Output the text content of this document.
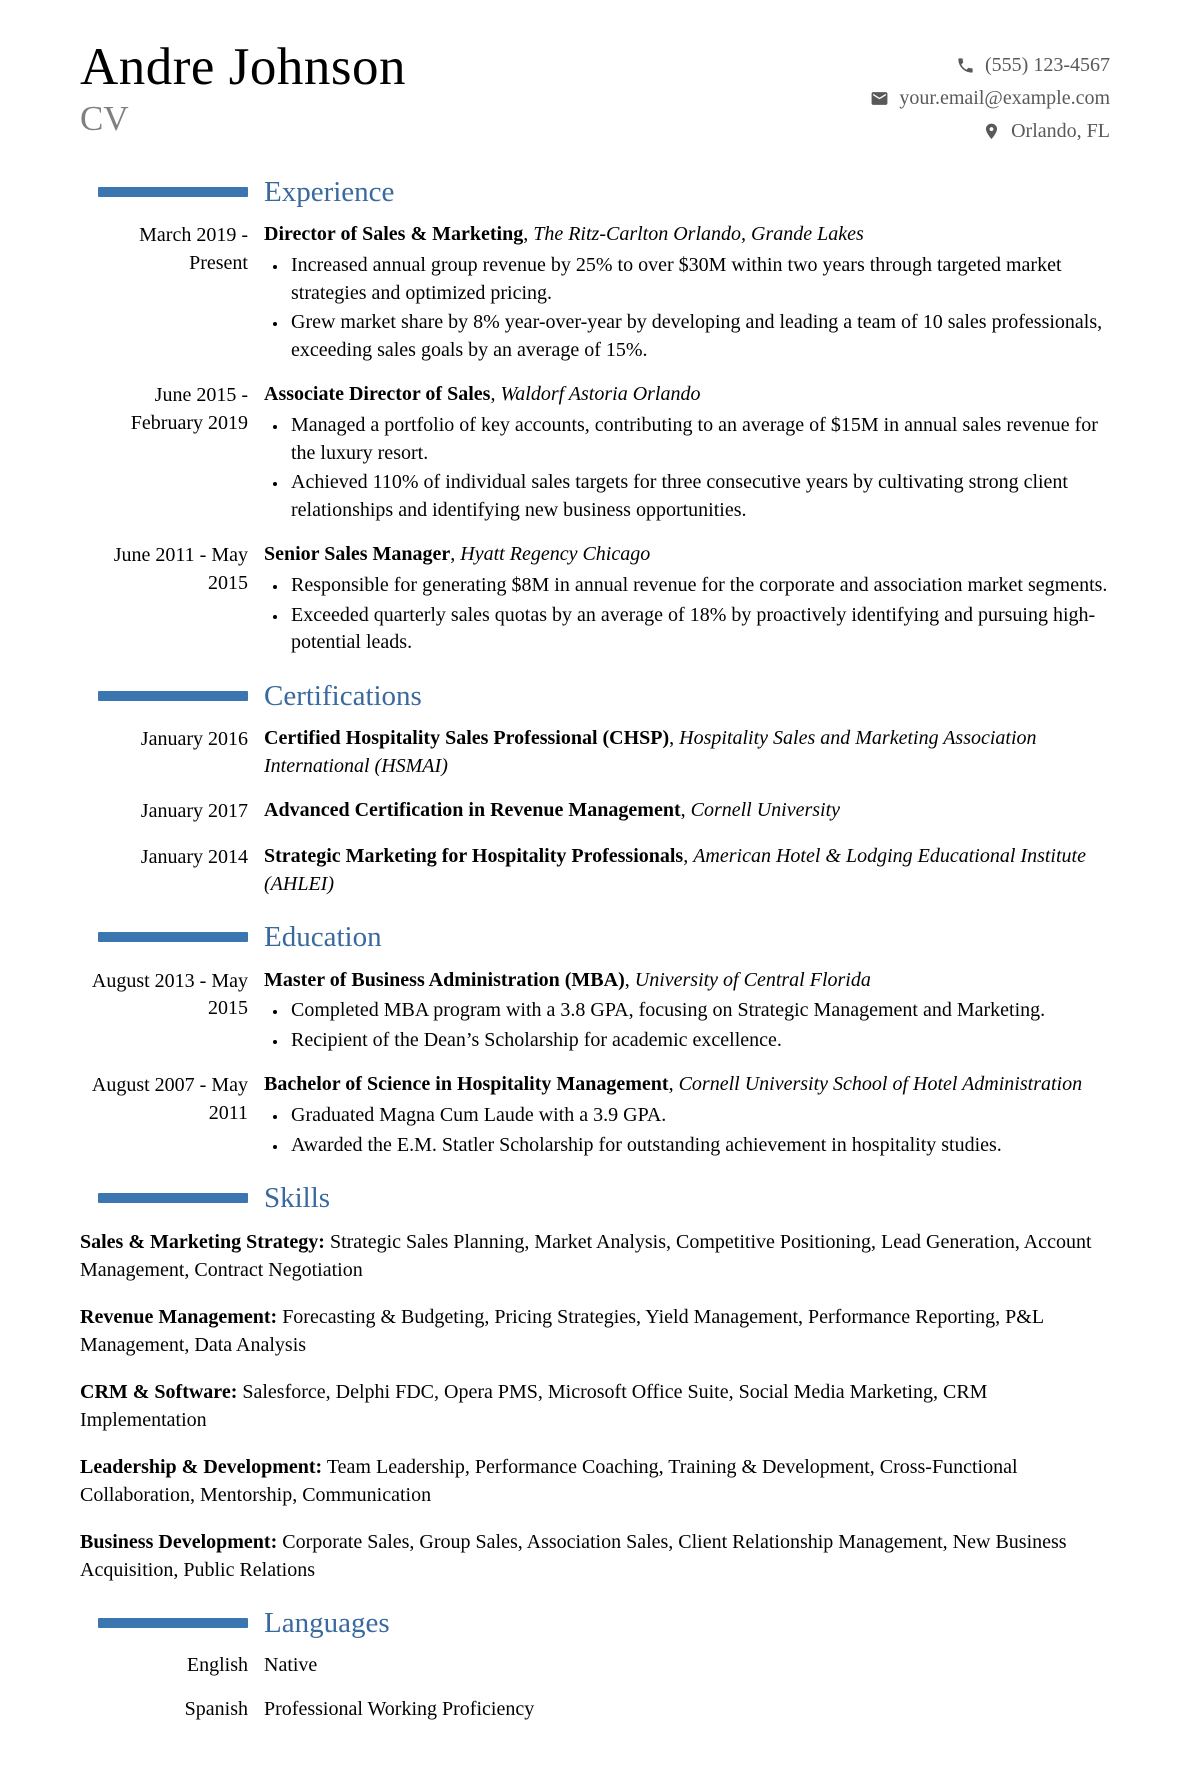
Andre Johnson
CV
(555) 123-4567
your.email@example.com
Orlando, FL
Experience
March 2019 - Present
Director of Sales & Marketing, The Ritz-Carlton Orlando, Grande Lakes
• Increased annual group revenue by 25% to over $30M within two years through targeted market strategies and optimized pricing.
• Grew market share by 8% year-over-year by developing and leading a team of 10 sales professionals, exceeding sales goals by an average of 15%.
June 2015 - February 2019
Associate Director of Sales, Waldorf Astoria Orlando
• Managed a portfolio of key accounts, contributing to an average of $15M in annual sales revenue for the luxury resort.
• Achieved 110% of individual sales targets for three consecutive years by cultivating strong client relationships and identifying new business opportunities.
June 2011 - May 2015
Senior Sales Manager, Hyatt Regency Chicago
• Responsible for generating $8M in annual revenue for the corporate and association market segments.
• Exceeded quarterly sales quotas by an average of 18% by proactively identifying and pursuing high-potential leads.
Certifications
January 2016 Certified Hospitality Sales Professional (CHSP), Hospitality Sales and Marketing Association International (HSMAI)
January 2017 Advanced Certification in Revenue Management, Cornell University
January 2014 Strategic Marketing for Hospitality Professionals, American Hotel & Lodging Educational Institute (AHLEI)
Education
August 2013 - May 2015
Master of Business Administration (MBA), University of Central Florida
• Completed MBA program with a 3.8 GPA, focusing on Strategic Management and Marketing.
• Recipient of the Dean’s Scholarship for academic excellence.
August 2007 - May 2011
Bachelor of Science in Hospitality Management, Cornell University School of Hotel Administration
• Graduated Magna Cum Laude with a 3.9 GPA.
• Awarded the E.M. Statler Scholarship for outstanding achievement in hospitality studies.
Skills

Sales & Marketing Strategy: Strategic Sales Planning, Market Analysis, Competitive Positioning, Lead Generation, Account Management, Contract Negotiation

Revenue Management: Forecasting & Budgeting, Pricing Strategies, Yield Management, Performance Reporting, P&L Management, Data Analysis

CRM & Software: Salesforce, Delphi FDC, Opera PMS, Microsoft Office Suite, Social Media Marketing, CRM Implementation

Leadership & Development: Team Leadership, Performance Coaching, Training & Development, Cross-Functional Collaboration, Mentorship, Communication

Business Development: Corporate Sales, Group Sales, Association Sales, Client Relationship Management, New Business Acquisition, Public Relations

Languages
English Native
Spanish Professional Working Proficiency
